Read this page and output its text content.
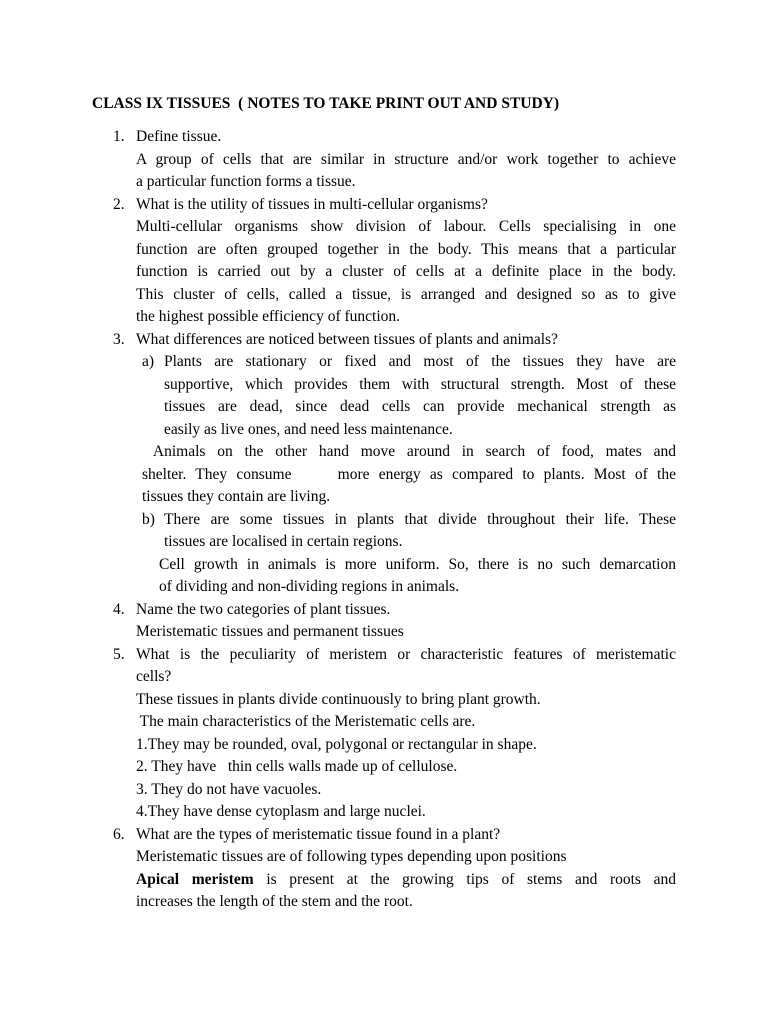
CLASS IX TISSUES  ( NOTES TO TAKE PRINT OUT AND STUDY)
1. Define tissue.
A group of cells that are similar in structure and/or work together to achieve
a particular function forms a tissue.
2. What is the utility of tissues in multi-cellular organisms?
Multi-cellular organisms show division of labour. Cells specialising in one
function are often grouped together in the body. This means that a particular
function is carried out by a cluster of cells at a definite place in the body.
This cluster of cells, called a tissue, is arranged and designed so as to give
the highest possible efficiency of function.
3. What differences are noticed between tissues of plants and animals?
a) Plants are stationary or fixed and most of the tissues they have are
supportive, which provides them with structural strength. Most of these
tissues are dead, since dead cells can provide mechanical strength as
easily as live ones, and need less maintenance.
Animals on the other hand move around in search of food, mates and
shelter. They consume     more energy as compared to plants. Most of the
tissues they contain are living.
b) There are some tissues in plants that divide throughout their life. These
tissues are localised in certain regions.
Cell growth in animals is more uniform. So, there is no such demarcation
of dividing and non-dividing regions in animals.
4. Name the two categories of plant tissues.
Meristematic tissues and permanent tissues
5. What is the peculiarity of meristem or characteristic features of meristematic
cells?
These tissues in plants divide continuously to bring plant growth.
The main characteristics of the Meristematic cells are.
1.They may be rounded, oval, polygonal or rectangular in shape.
2. They have   thin cells walls made up of cellulose.
3. They do not have vacuoles.
4.They have dense cytoplasm and large nuclei.
6. What are the types of meristematic tissue found in a plant?
Meristematic tissues are of following types depending upon positions
Apical meristem is present at the growing tips of stems and roots and
increases the length of the stem and the root.
